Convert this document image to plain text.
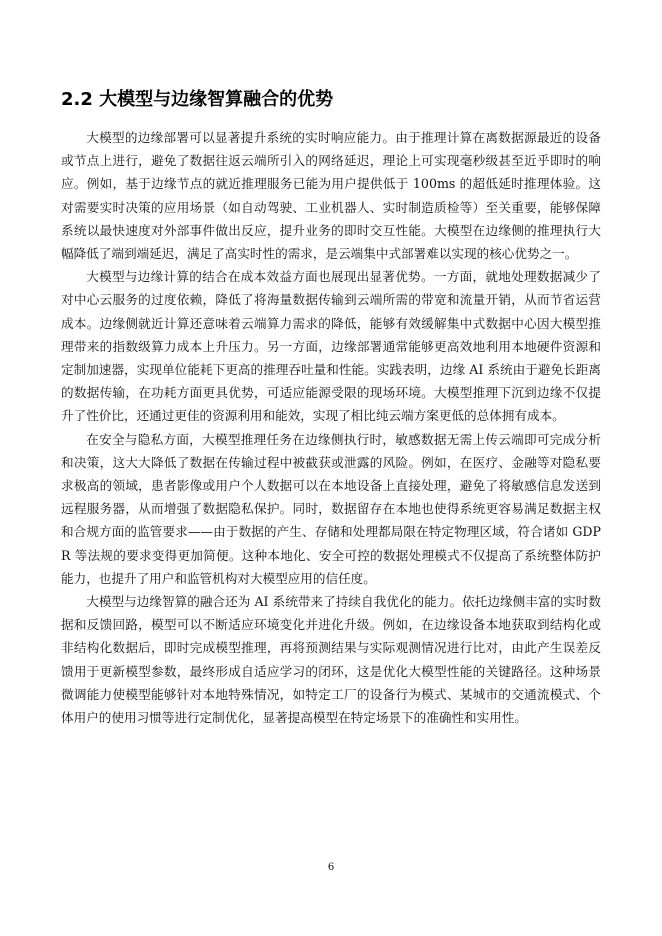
2.2 大模型与边缘智算融合的优势

大模型的边缘部署可以显著提升系统的实时响应能力。由于推理计算在离数据源最近的设备或节点上进行，避免了数据往返云端所引入的网络延迟，理论上可实现毫秒级甚至近乎即时的响应。例如，基于边缘节点的就近推理服务已能为用户提供低于 100ms 的超低延时推理体验。这对需要实时决策的应用场景（如自动驾驶、工业机器人、实时制造质检等）至关重要，能够保障系统以最快速度对外部事件做出反应，提升业务的即时交互性能。大模型在边缘侧的推理执行大幅降低了端到端延迟，满足了高实时性的需求，是云端集中式部署难以实现的核心优势之一。

大模型与边缘计算的结合在成本效益方面也展现出显著优势。一方面，就地处理数据减少了对中心云服务的过度依赖，降低了将海量数据传输到云端所需的带宽和流量开销，从而节省运营成本。边缘侧就近计算还意味着云端算力需求的降低，能够有效缓解集中式数据中心因大模型推理带来的指数级算力成本上升压力。另一方面，边缘部署通常能够更高效地利用本地硬件资源和定制加速器，实现单位能耗下更高的推理吞吐量和性能。实践表明，边缘 AI 系统由于避免长距离的数据传输，在功耗方面更具优势，可适应能源受限的现场环境。大模型推理下沉到边缘不仅提升了性价比，还通过更佳的资源利用和能效，实现了相比纯云端方案更低的总体拥有成本。

在安全与隐私方面，大模型推理任务在边缘侧执行时，敏感数据无需上传云端即可完成分析和决策，这大大降低了数据在传输过程中被截获或泄露的风险。例如，在医疗、金融等对隐私要求极高的领域，患者影像或用户个人数据可以在本地设备上直接处理，避免了将敏感信息发送到远程服务器，从而增强了数据隐私保护。同时，数据留存在本地也使得系统更容易满足数据主权和合规方面的监管要求——由于数据的产生、存储和处理都局限在特定物理区域，符合诸如 GDPR 等法规的要求变得更加简便。这种本地化、安全可控的数据处理模式不仅提高了系统整体防护能力，也提升了用户和监管机构对大模型应用的信任度。

大模型与边缘智算的融合还为 AI 系统带来了持续自我优化的能力。依托边缘侧丰富的实时数据和反馈回路，模型可以不断适应环境变化并进化升级。例如，在边缘设备本地获取到结构化或非结构化数据后，即时完成模型推理，再将预测结果与实际观测情况进行比对，由此产生误差反馈用于更新模型参数，最终形成自适应学习的闭环，这是优化大模型性能的关键路径。这种场景微调能力使模型能够针对本地特殊情况，如特定工厂的设备行为模式、某城市的交通流模式、个体用户的使用习惯等进行定制优化，显著提高模型在特定场景下的准确性和实用性。

6
